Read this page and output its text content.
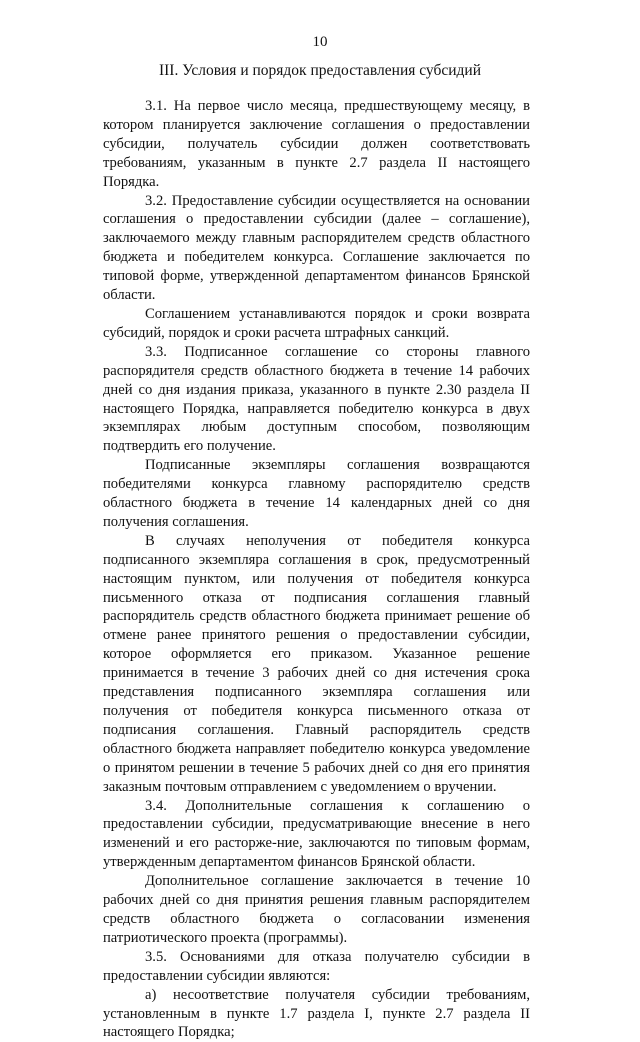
10
III. Условия и порядок предоставления субсидий

3.1. На первое число месяца, предшествующему месяцу, в котором планируется заключение соглашения о предоставлении субсидии, получатель субсидии должен соответствовать требованиям, указанным в пункте 2.7 раздела II настоящего Порядка.

3.2. Предоставление субсидии осуществляется на основании соглашения о предоставлении субсидии (далее – соглашение), заключаемого между главным распорядителем средств областного бюджета и победителем конкурса. Соглашение заключается по типовой форме, утвержденной департаментом финансов Брянской области.

Соглашением устанавливаются порядок и сроки возврата субсидий, порядок и сроки расчета штрафных санкций.

3.3. Подписанное соглашение со стороны главного распорядителя средств областного бюджета в течение 14 рабочих дней со дня издания приказа, указанного в пункте 2.30 раздела II настоящего Порядка, направляется победителю конкурса в двух экземплярах любым доступным способом, позволяющим подтвердить его получение.

Подписанные экземпляры соглашения возвращаются победителями конкурса главному распорядителю средств областного бюджета в течение 14 календарных дней со дня получения соглашения.

В случаях неполучения от победителя конкурса подписанного экземпляра соглашения в срок, предусмотренный настоящим пунктом, или получения от победителя конкурса письменного отказа от подписания соглашения главный распорядитель средств областного бюджета принимает решение об отмене ранее принятого решения о предоставлении субсидии, которое оформляется его приказом. Указанное решение принимается в течение 3 рабочих дней со дня истечения срока представления подписанного экземпляра соглашения или получения от победителя конкурса письменного отказа от подписания соглашения. Главный распорядитель средств областного бюджета направляет победителю конкурса уведомление о принятом решении в течение 5 рабочих дней со дня его принятия заказным почтовым отправлением с уведомлением о вручении.

3.4. Дополнительные соглашения к соглашению о предоставлении субсидии, предусматривающие внесение в него изменений и его расторже-ние, заключаются по типовым формам, утвержденным департаментом финансов Брянской области.

Дополнительное соглашение заключается в течение 10 рабочих дней со дня принятия решения главным распорядителем средств областного бюджета о согласовании изменения патриотического проекта (программы).

3.5. Основаниями для отказа получателю субсидии в предоставлении субсидии являются:

а) несоответствие получателя субсидии требованиям, установленным в пункте 1.7 раздела I, пункте 2.7 раздела II настоящего Порядка;
